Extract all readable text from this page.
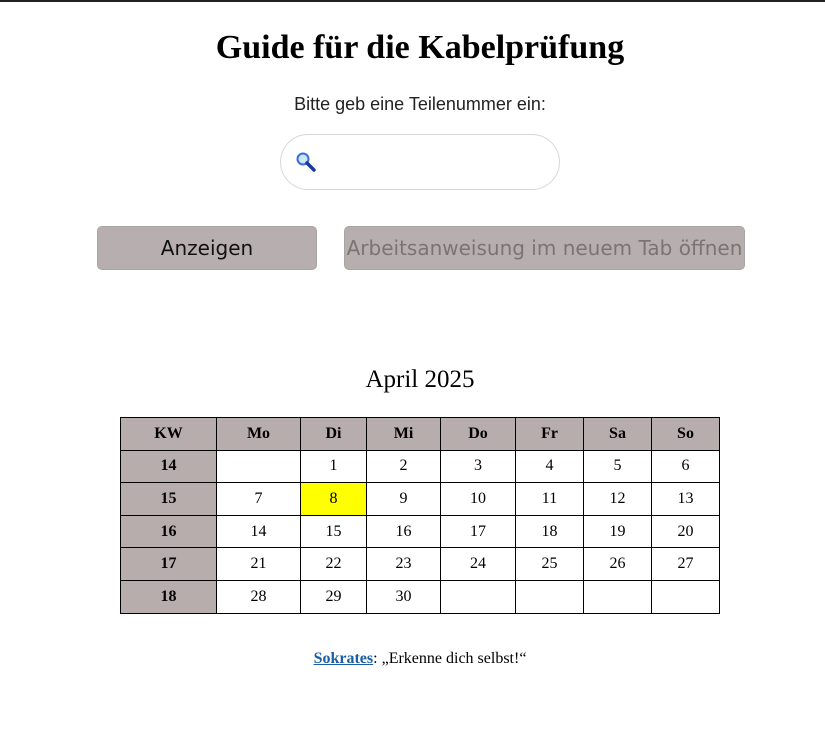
Guide für die Kabelprüfung
Bitte geb eine Teilenummer ein:
Anzeigen	Arbeitsanweisung im neuem Tab öffnen
April 2025
KW	Mo	Di	Mi	Do	Fr	Sa	So
14		1	2	3	4	5	6
15	7	8	9	10	11	12	13
16	14	15	16	17	18	19	20
17	21	22	23	24	25	26	27
18	28	29	30				
Sokrates: „Erkenne dich selbst!“
